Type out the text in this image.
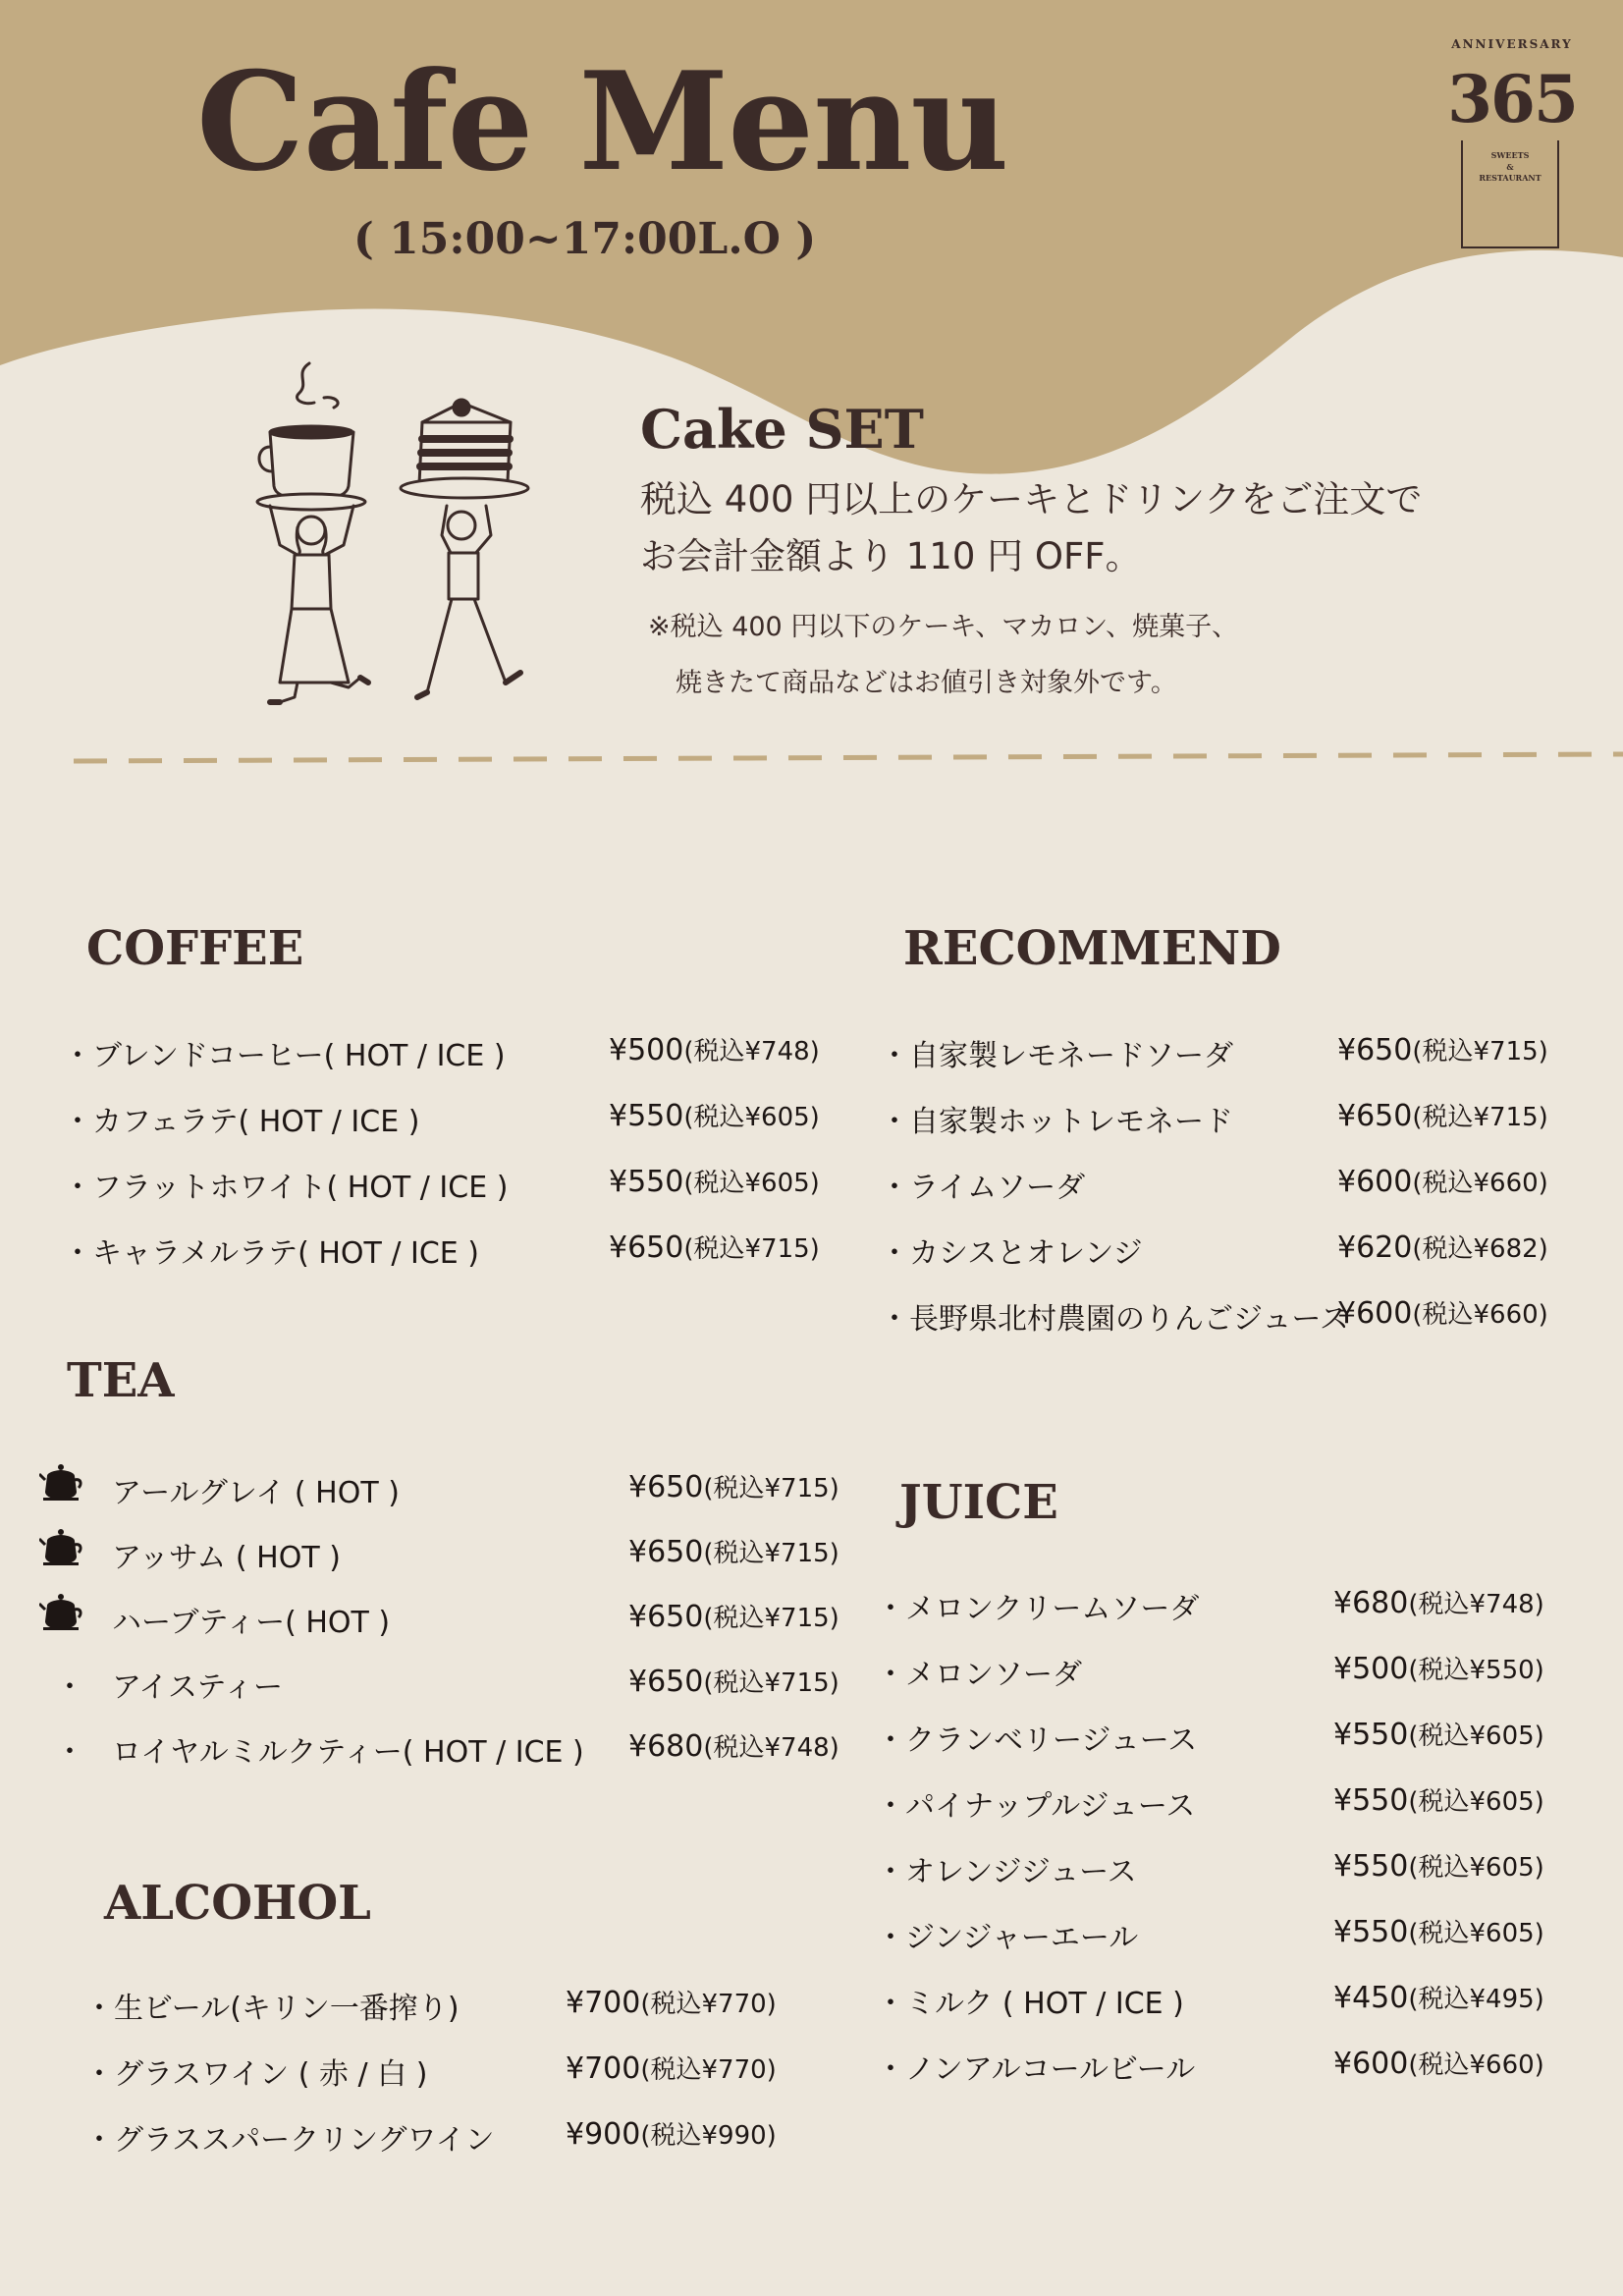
Cafe Menu
( 15:00~17:00L.O )
ANNIVERSARY
365
SWEETS
&
RESTAURANT
Cake SET
税込 400 円以上のケーキとドリンクをご注文で
お会計金額より 110 円 OFF。
※税込 400 円以下のケーキ、マカロン、焼菓子、
焼きたて商品などはお値引き対象外です。
COFFEE
・ブレンドコーヒー( HOT / ICE )	¥500(税込¥748)
・カフェラテ( HOT / ICE )	¥550(税込¥605)
・フラットホワイト( HOT / ICE )	¥550(税込¥605)
・キャラメルラテ( HOT / ICE )	¥650(税込¥715)
TEA
アールグレイ ( HOT )	¥650(税込¥715)
アッサム ( HOT )	¥650(税込¥715)
ハーブティー( HOT )	¥650(税込¥715)
・ アイスティー	¥650(税込¥715)
・ ロイヤルミルクティー( HOT / ICE ) ¥680(税込¥748)
ALCOHOL
・生ビール(キリン一番搾り)	¥700(税込¥770)
・グラスワイン ( 赤 / 白 )	¥700(税込¥770)
・グラススパークリングワイン ¥900(税込¥990)
RECOMMEND
・自家製レモネードソーダ	¥650(税込¥715)
・自家製ホットレモネード	¥650(税込¥715)
・ライムソーダ	¥600(税込¥660)
・カシスとオレンジ	¥620(税込¥682)
・長野県北村農園のりんごジュース
¥600(税込¥660)
JUICE
・メロンクリームソーダ	¥680(税込¥748)
・メロンソーダ	¥500(税込¥550)
・クランベリージュース	¥550(税込¥605)
・パイナップルジュース	¥550(税込¥605)
・オレンジジュース	¥550(税込¥605)
・ジンジャーエール	¥550(税込¥605)
・ミルク ( HOT / ICE )	¥450(税込¥495)
・ノンアルコールビール	¥600(税込¥660)
